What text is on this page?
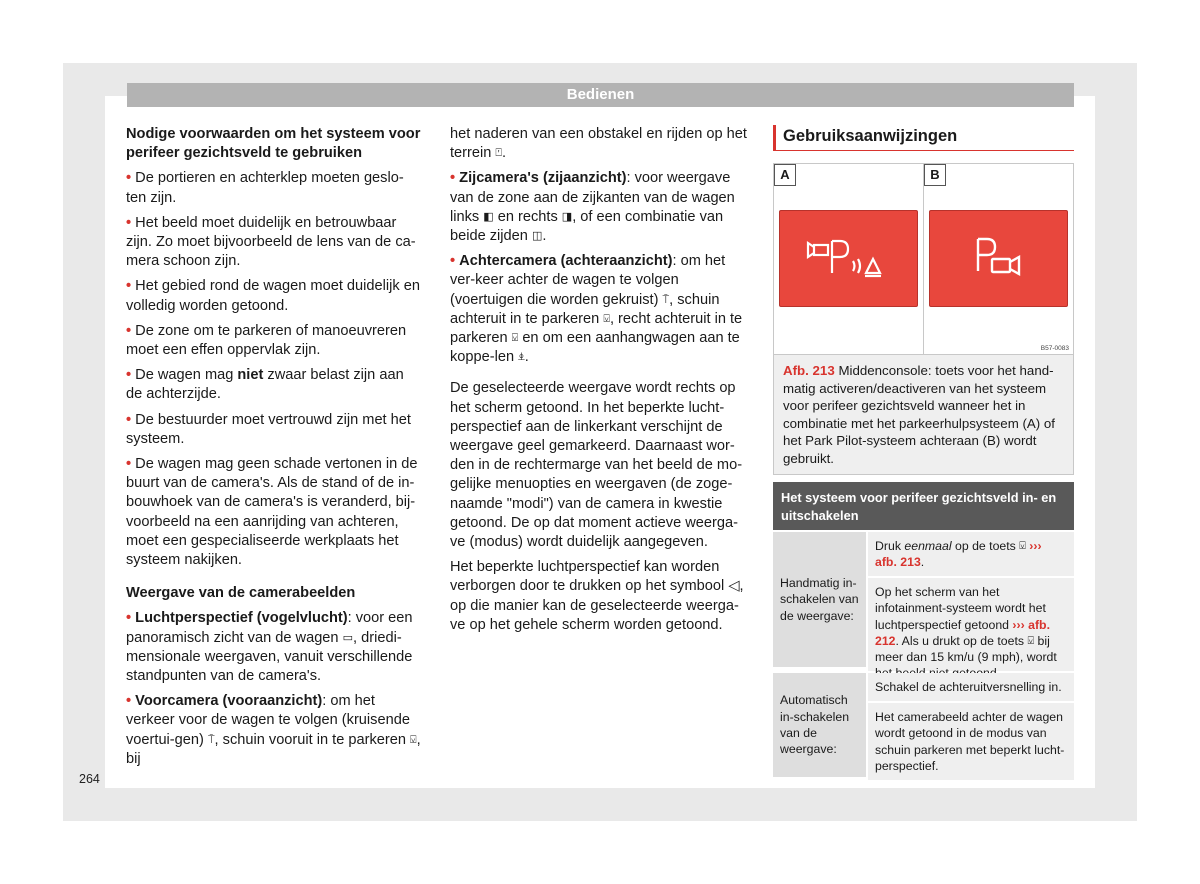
Bedienen

Nodige voorwaarden om het systeem voor perifeer gezichtsveld te gebruiken

• De portieren en achterklep moeten geslo-ten zijn.

• Het beeld moet duidelijk en betrouwbaar zijn. Zo moet bijvoorbeeld de lens van de ca-mera schoon zijn.

• Het gebied rond de wagen moet duidelijk en volledig worden getoond.

• De zone om te parkeren of manoeuvreren moet een effen oppervlak zijn.

• De wagen mag niet zwaar belast zijn aan de achterzijde.

• De bestuurder moet vertrouwd zijn met het systeem.

• De wagen mag geen schade vertonen in de buurt van de camera's. Als de stand of de in-bouwhoek van de camera's is veranderd, bij-voorbeeld na een aanrijding van achteren, moet een gespecialiseerde werkplaats het systeem nakijken.

Weergave van de camerabeelden

• Luchtperspectief (vogelvlucht): voor een panoramisch zicht van de wagen ▭, driedi-mensionale weergaven, vanuit verschillende standpunten van de camera's.

• Voorcamera (vooraanzicht): om het verkeer voor de wagen te volgen (kruisende voertui-gen) ⍑, schuin vooruit in te parkeren ⍌, bij

het naderen van een obstakel en rijden op het terrein ⍞.

• Zijcamera's (zijaanzicht): voor weergave van de zone aan de zijkanten van de wagen links ◧ en rechts ◨, of een combinatie van beide zijden ◫.

• Achtercamera (achteraanzicht): om het ver-keer achter de wagen te volgen (voertuigen die worden gekruist) ⍑, schuin achteruit in te parkeren ⍌, recht achteruit in te parkeren ⍌ en om een aanhangwagen aan te koppe-len ⍎.

De geselecteerde weergave wordt rechts op het scherm getoond. In het beperkte lucht-perspectief aan de linkerkant verschijnt de weergave geel gemarkeerd. Daarnaast wor-den in de rechtermarge van het beeld de mo-gelijke menuopties en weergaven (de zoge-naamde "modi") van de camera in kwestie getoond. De op dat moment actieve weerga-ve (modus) wordt duidelijk aangegeven.

Het beperkte luchtperspectief kan worden verborgen door te drukken op het symbool ◁, op die manier kan de geselecteerde weerga-ve op het gehele scherm worden getoond.

Gebruiksaanwijzingen
A	B
B57-0083
Afb. 213 Middenconsole: toets voor het hand-matig activeren/deactiveren van het systeem voor perifeer gezichtsveld wanneer het in combinatie met het parkeerhulpsysteem (A) of het Park Pilot-systeem achteraan (B) wordt gebruikt.
Het systeem voor perifeer gezichtsveld in- en uitschakelen
Handmatig in-schakelen van de weergave:
Druk eenmaal op de toets ⍌ ››› afb. 213.
Op het scherm van het infotainment-systeem wordt het luchtperspectief getoond ››› afb. 212. Als u drukt op de toets ⍌ bij meer dan 15 km/u (9 mph), wordt
Automatisch in-schakelen van de weergave:
Schakel de achteruitversnelling in.
Het camerabeeld achter de wagen wordt getoond in de modus van schuin parkeren met beperkt lucht-perspectief.
264
